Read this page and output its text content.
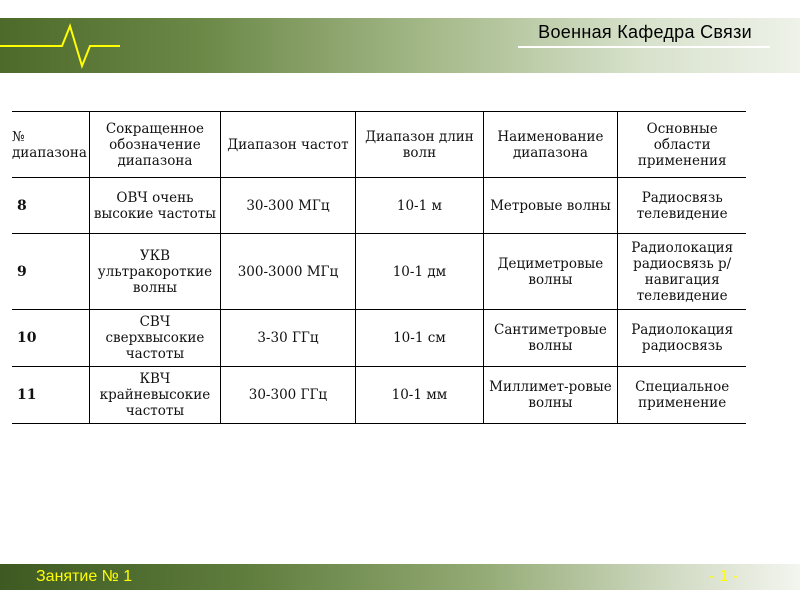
Военная Кафедра Связи
№ диапазона	Сокращенное обозначение диапазона	Диапазон частот	Диапазон длин волн	Наименование диапазона	Основные области применения
8	ОВЧ очень высокие частоты	30-300 МГц	10-1 м	Метровые волны	Радиосвязь телевидение
9	УКВ ультракороткие волны	300-3000 МГц	10-1 дм	Дециметровые волны	Радиолокация радиосвязь р/навигация телевидение
10	СВЧ сверхвысокие частоты	3-30 ГГц	10-1 см	Сантиметровые волны	Радиолокация радиосвязь
11	КВЧ крайневысокие частоты	30-300 ГГц	10-1 мм	Миллимет-ровые волны	Специальное применение
Занятие № 1	- 1 -
